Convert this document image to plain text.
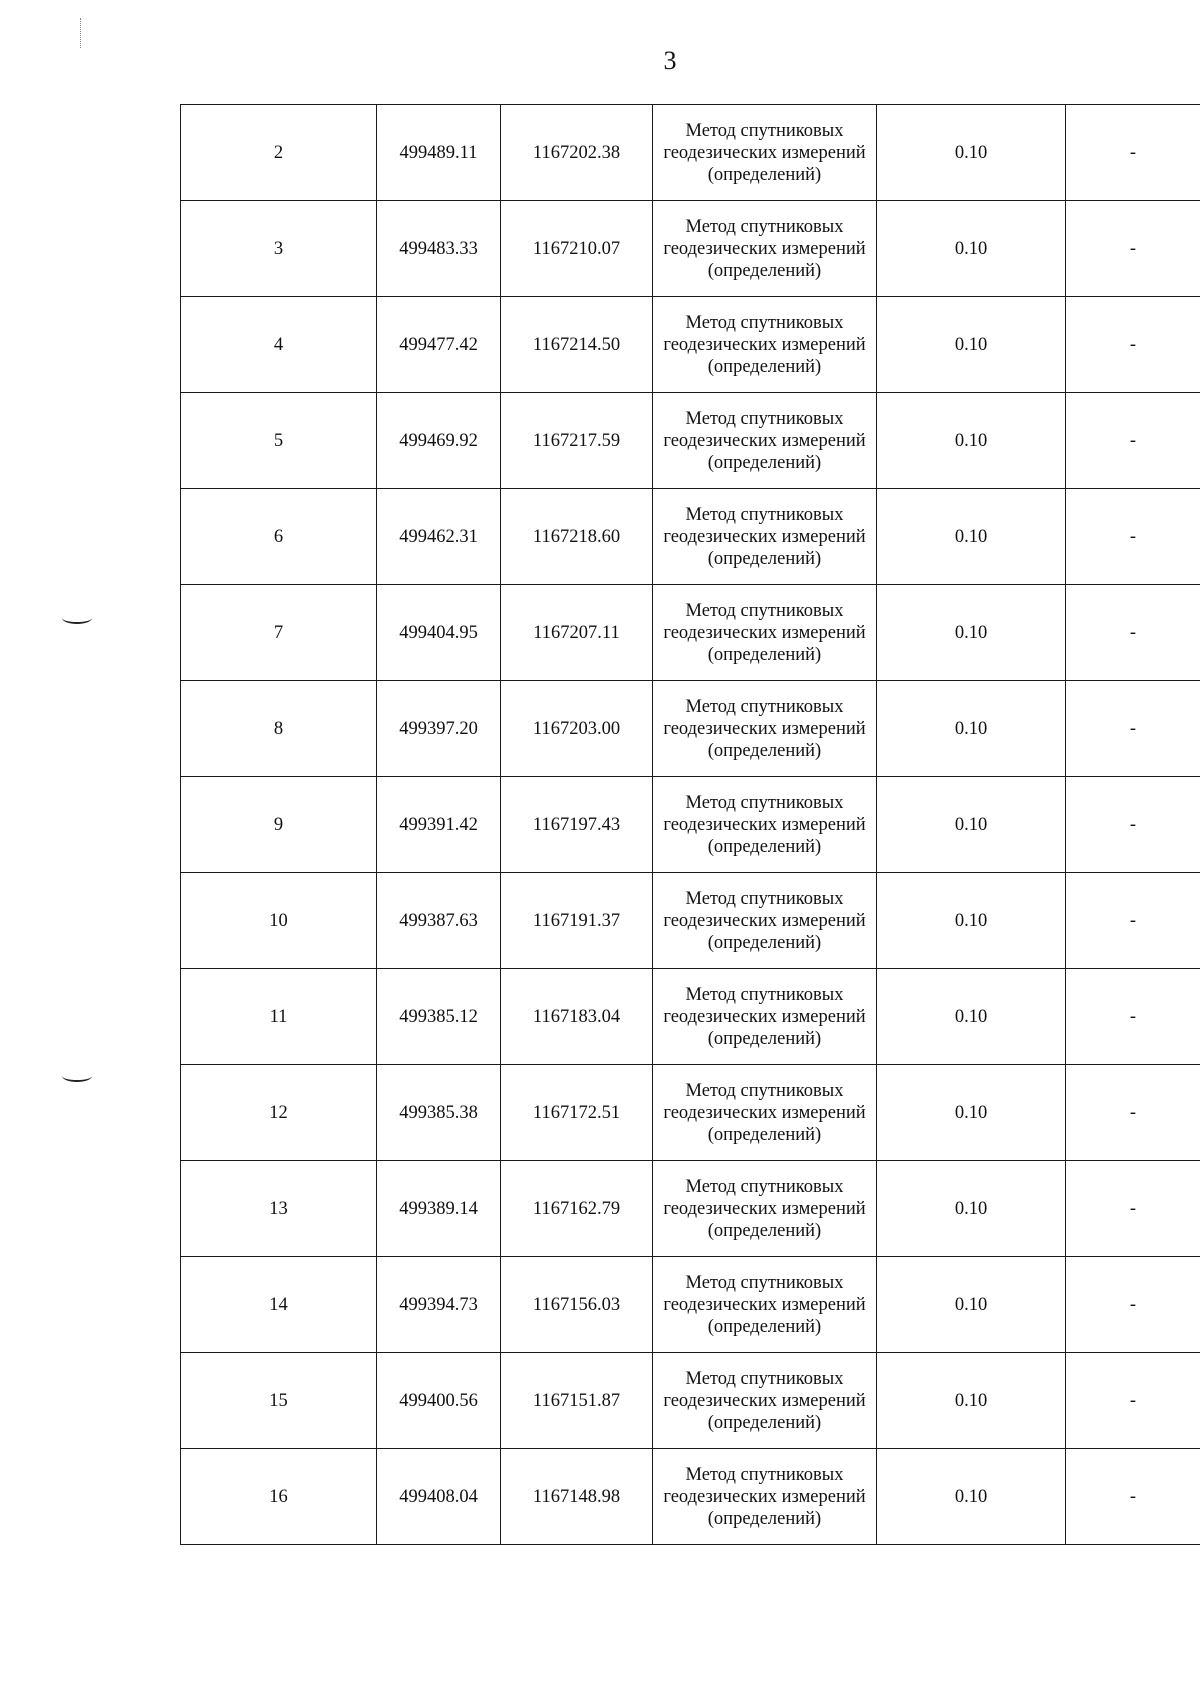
3
2	499489.11	1167202.38	Метод спутниковых геодезических измерений (определений)	0.10	-
3	499483.33	1167210.07	Метод спутниковых геодезических измерений (определений)	0.10	-
4	499477.42	1167214.50	Метод спутниковых геодезических измерений (определений)	0.10	-
5	499469.92	1167217.59	Метод спутниковых геодезических измерений (определений)	0.10	-
6	499462.31	1167218.60	Метод спутниковых геодезических измерений (определений)	0.10	-
7	499404.95	1167207.11	Метод спутниковых геодезических измерений (определений)	0.10	-
8	499397.20	1167203.00	Метод спутниковых геодезических измерений (определений)	0.10	-
9	499391.42	1167197.43	Метод спутниковых геодезических измерений (определений)	0.10	-
10	499387.63	1167191.37	Метод спутниковых геодезических измерений (определений)	0.10	-
11	499385.12	1167183.04	Метод спутниковых геодезических измерений (определений)	0.10	-
12	499385.38	1167172.51	Метод спутниковых геодезических измерений (определений)	0.10	-
13	499389.14	1167162.79	Метод спутниковых геодезических измерений (определений)	0.10	-
14	499394.73	1167156.03	Метод спутниковых геодезических измерений (определений)	0.10	-
15	499400.56	1167151.87	Метод спутниковых геодезических измерений (определений)	0.10	-
16	499408.04	1167148.98	Метод спутниковых геодезических измерений (определений)	0.10	-
